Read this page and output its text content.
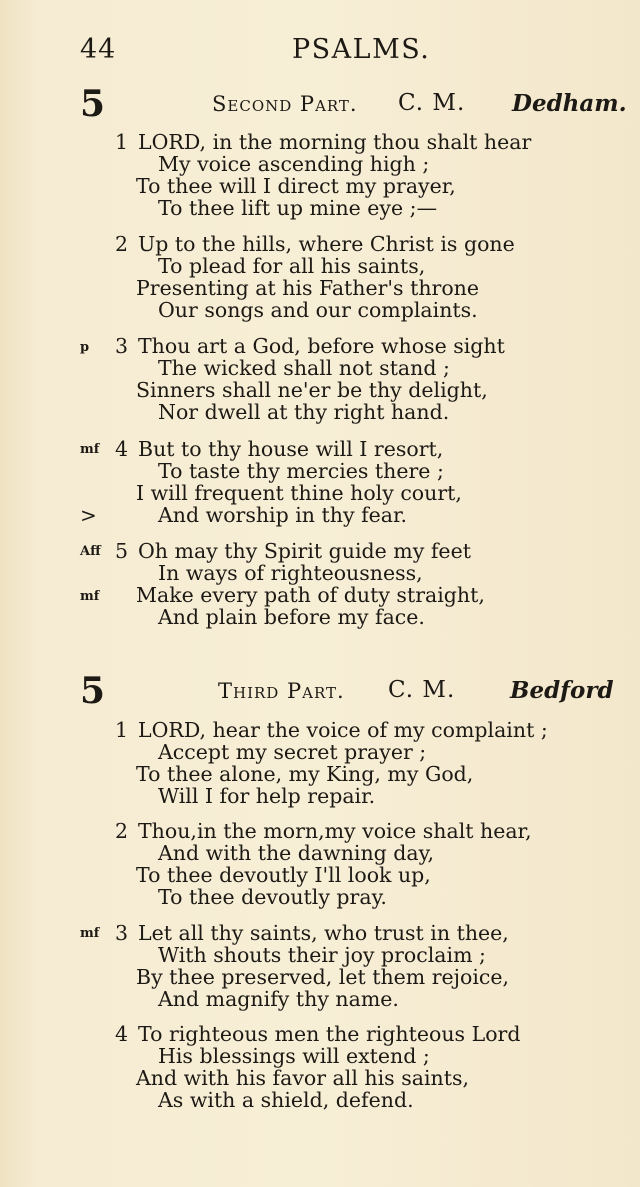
44	PSALMS.
5	Second Part. C. M. Dedham.
1 LORD, in the morning thou shalt hear
My voice ascending high ;
To thee will I direct my prayer,
To thee lift up mine eye ;—
2 Up to the hills, where Christ is gone
To plead for all his saints,
Presenting at his Father's throne
Our songs and our complaints.
p 3 Thou art a God, before whose sight
The wicked shall not stand ;
Sinners shall ne'er be thy delight,
Nor dwell at thy right hand.
mf 4 But to thy house will I resort,
To taste thy mercies there ;
I will frequent thine holy court,
>	And worship in thy fear.
Aff 5 Oh may thy Spirit guide my feet
In ways of righteousness,
mf Make every path of duty straight,
And plain before my face.
5	Third Part. C. M. Bedford
1 LORD, hear the voice of my complaint ;
Accept my secret prayer ;
To thee alone, my King, my God,
Will I for help repair.
2 Thou,in the morn,my voice shalt hear,
And with the dawning day,
To thee devoutly I'll look up,
To thee devoutly pray.
mf 3 Let all thy saints, who trust in thee,
With shouts their joy proclaim ;
By thee preserved, let them rejoice,
And magnify thy name.
4 To righteous men the righteous Lord
His blessings will extend ;
And with his favor all his saints,
As with a shield, defend.
